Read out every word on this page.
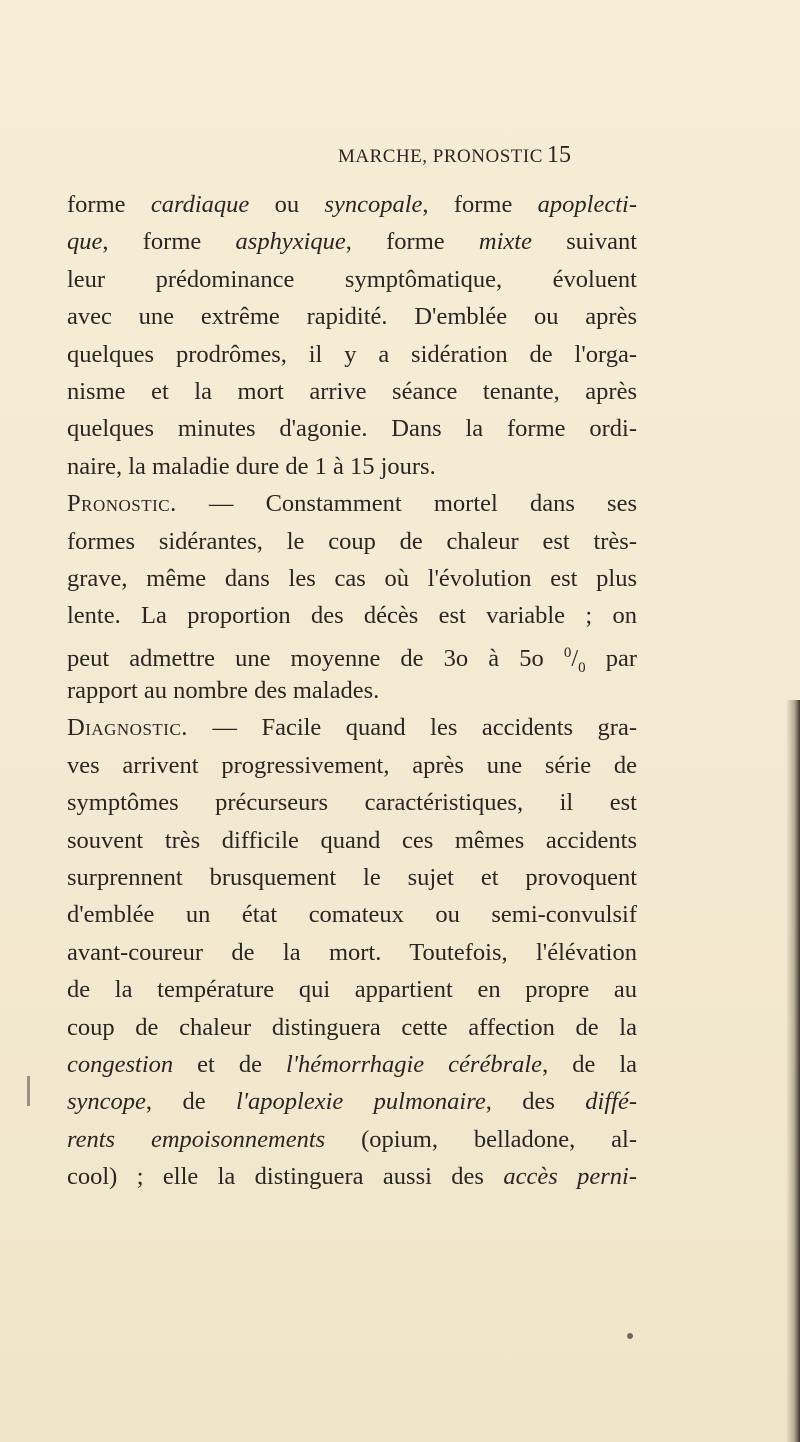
MARCHE, PRONOSTIC 15
forme cardiaque ou syncopale, forme apoplecti-
que, forme asphyxique, forme mixte suivant
leur prédominance symptômatique, évoluent
avec une extrême rapidité. D'emblée ou après
quelques prodrômes, il y a sidération de l'orga-
nisme et la mort arrive séance tenante, après
quelques minutes d'agonie. Dans la forme ordi-
naire, la maladie dure de 1 à 15 jours.
Pronostic. — Constamment mortel dans ses
formes sidérantes, le coup de chaleur est très-
grave, même dans les cas où l'évolution est plus
lente. La proportion des décès est variable ; on
peut admettre une moyenne de 3o à 5o $^0/_0$ par
rapport au nombre des malades.
Diagnostic. — Facile quand les accidents gra-
ves arrivent progressivement, après une série de
symptômes précurseurs caractéristiques, il est
souvent très difficile quand ces mêmes accidents
surprennent brusquement le sujet et provoquent
d'emblée un état comateux ou semi-convulsif
avant-coureur de la mort. Toutefois, l'élévation
de la température qui appartient en propre au
coup de chaleur distinguera cette affection de la
congestion et de l'hémorrhagie cérébrale, de la
syncope, de l'apoplexie pulmonaire, des diffé-
rents empoisonnements (opium, belladone, al-
cool) ; elle la distinguera aussi des accès perni-
